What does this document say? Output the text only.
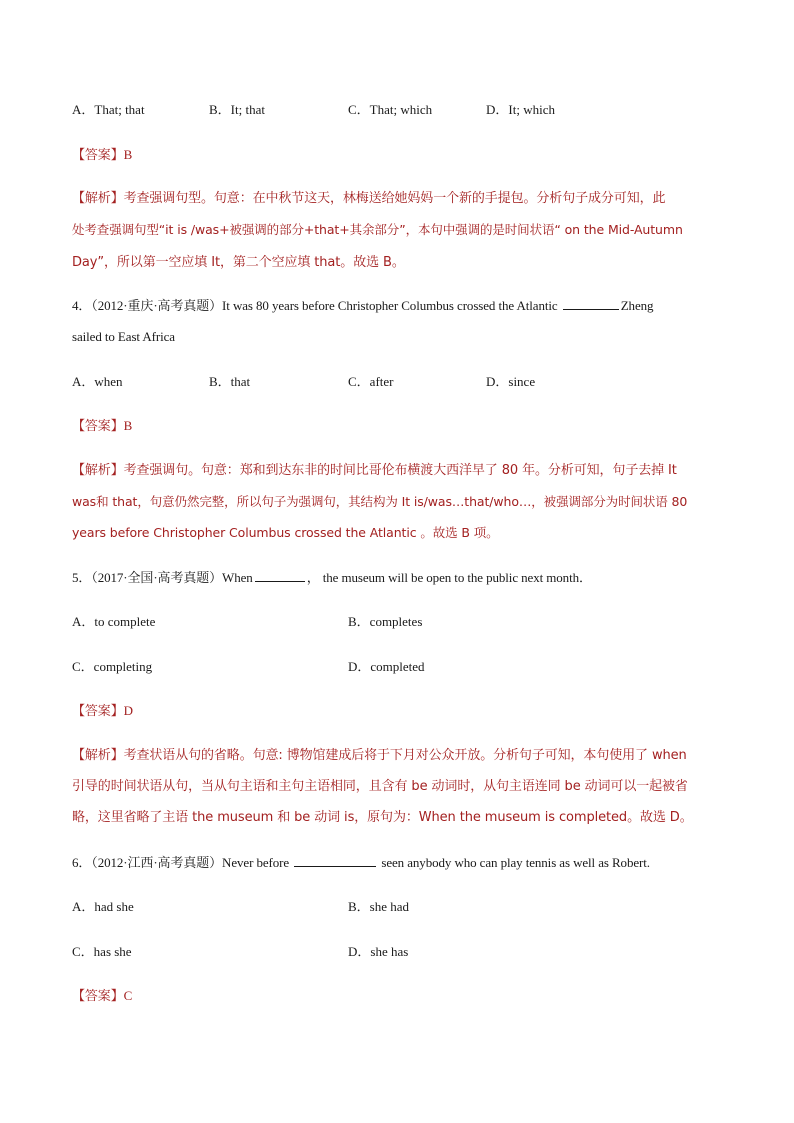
A．That; that	B．It; that	C．That; which	D．It; which
【答案】B
【解析】考查强调句型。句意：在中秋节这天，林梅送给她妈妈一个新的手提包。分析句子成分可知，此
处考查强调句型“it is /was+被强调的部分+that+其余部分”，本句中强调的是时间状语“ on the Mid-Autumn
Day”，所以第一空应填 It，第二个空应填 that。故选 B。
4．（2012·重庆·高考真题）It was 80 years before Christopher Columbus crossed the Atlantic	Zheng
sailed to East Africa
A．when	B．that	C．after	D．since
【答案】B
【解析】考查强调句。句意：郑和到达东非的时间比哥伦布横渡大西洋早了 80 年。分析可知，句子去掉 It
was和 that，句意仍然完整，所以句子为强调句，其结构为 It is/was…that/who…，被强调部分为时间状语 80
years before Christopher Columbus crossed the Atlantic 。故选 B 项。
5．（2017·全国·高考真题）When	， the museum will be open to the public next month．
A．to complete	B．completes
C．completing	D．completed
【答案】D
【解析】考查状语从句的省略。句意: 博物馆建成后将于下月对公众开放。分析句子可知，本句使用了 when
引导的时间状语从句，当从句主语和主句主语相同，且含有 be 动词时，从句主语连同 be 动词可以一起被省
略，这里省略了主语 the museum 和 be 动词 is，原句为：When the museum is completed。故选 D。
6．（2012·江西·高考真题）Never before	seen anybody who can play tennis as well as Robert.
A．had she	B．she had
C．has she	D．she has
【答案】C
